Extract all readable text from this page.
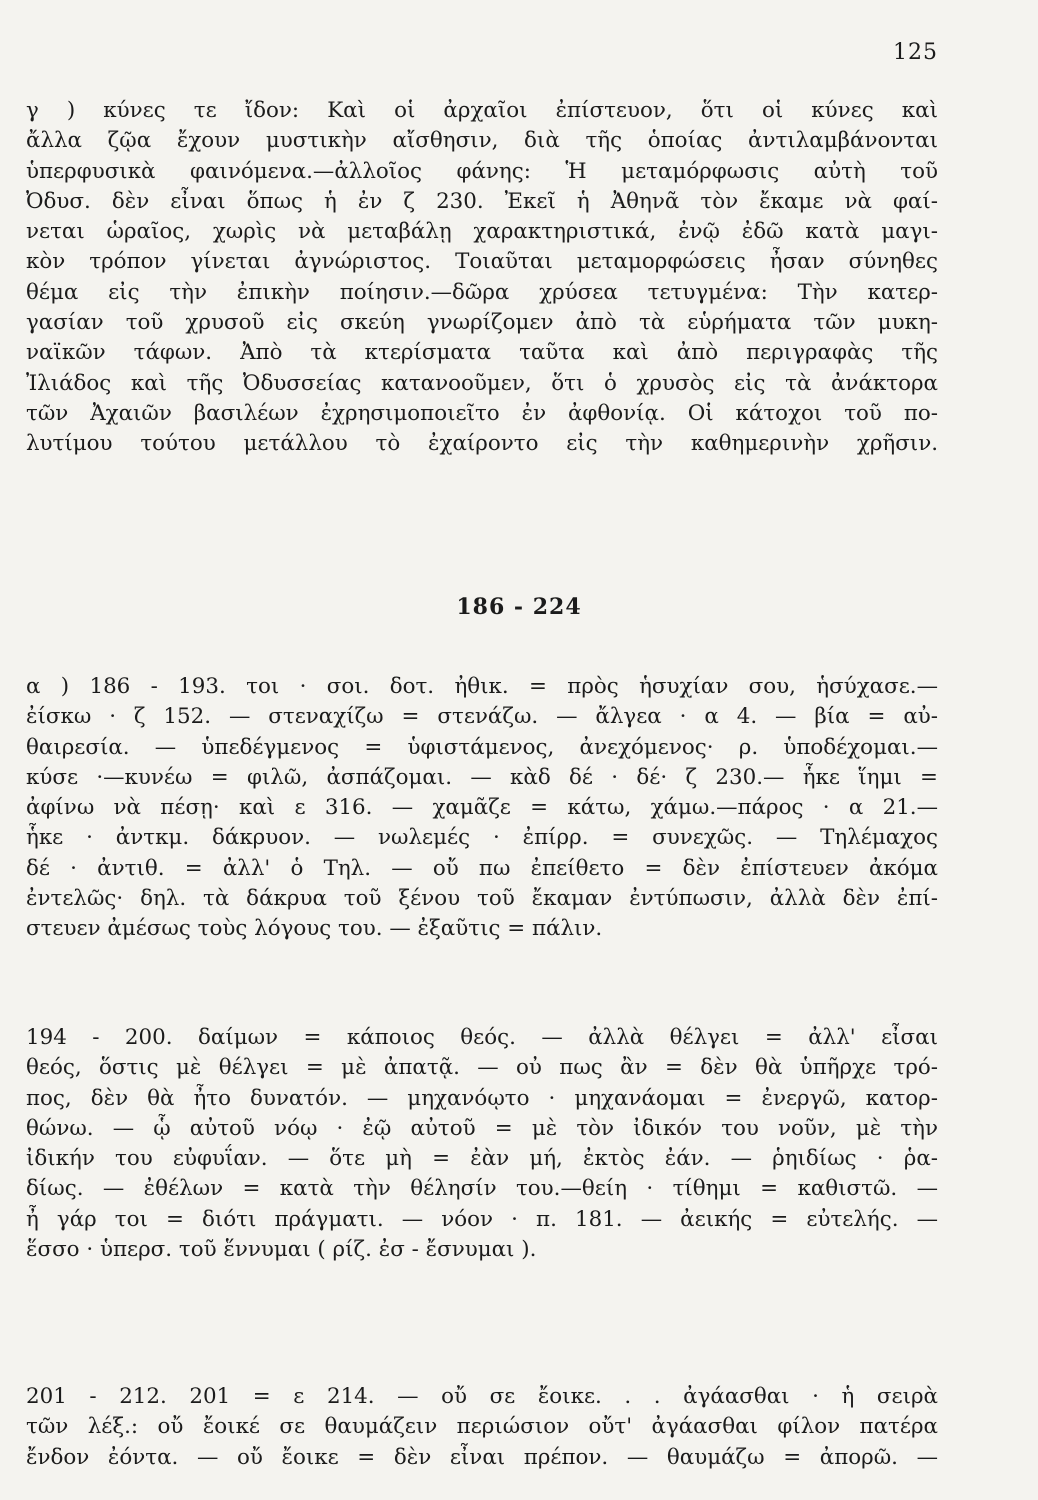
125

γ ) κύνες τε ἴδον: Καὶ οἱ ἀρχαῖοι ἐπίστευον, ὅτι οἱ κύνες καὶ
ἄλλα ζῷα ἔχουν μυστικὴν αἴσθησιν, διὰ τῆς ὁποίας ἀντιλαμβάνονται
ὑπερφυσικὰ φαινόμενα.—ἀλλοῖος φάνης: Ἡ μεταμόρφωσις αὐτὴ τοῦ
Ὀδυσ. δὲν εἶναι ὅπως ἡ ἐν ζ 230. Ἐκεῖ ἡ Ἀθηνᾶ τὸν ἔκαμε νὰ φαί-
νεται ὡραῖος, χωρὶς νὰ μεταβάλῃ χαρακτηριστικά, ἐνῷ ἐδῶ κατὰ μαγι-
κὸν τρόπον γίνεται ἀγνώριστος. Τοιαῦται μεταμορφώσεις ἦσαν σύνηθες
θέμα εἰς τὴν ἐπικὴν ποίησιν.—δῶρα χρύσεα τετυγμένα: Τὴν κατερ-
γασίαν τοῦ χρυσοῦ εἰς σκεύη γνωρίζομεν ἀπὸ τὰ εὑρήματα τῶν μυκη-
ναϊκῶν τάφων. Ἀπὸ τὰ κτερίσματα ταῦτα καὶ ἀπὸ περιγραφὰς τῆς
Ἰλιάδος καὶ τῆς Ὀδυσσείας κατανοοῦμεν, ὅτι ὁ χρυσὸς εἰς τὰ ἀνάκτορα
τῶν Ἀχαιῶν βασιλέων ἐχρησιμοποιεῖτο ἐν ἀφθονίᾳ. Οἱ κάτοχοι τοῦ πο-
λυτίμου τούτου μετάλλου τὸ ἐχαίροντο εἰς τὴν καθημερινὴν χρῆσιν.

186 - 224

α ) 186 - 193. τοι · σοι. δοτ. ἠθικ. = πρὸς ἡσυχίαν σου, ἡσύχασε.—
ἐίσκω · ζ 152. — στεναχίζω = στενάζω. — ἄλγεα · α 4. — βία = αὐ-
θαιρεσία. — ὑπεδέγμενος = ὑφιστάμενος, ἀνεχόμενος· ρ. ὑποδέχομαι.—
κύσε ·—κυνέω = φιλῶ, ἀσπάζομαι. — κὰδ δέ · δέ· ζ 230.— ἧκε ἵημι =
ἀφίνω νὰ πέσῃ· καὶ ε 316. — χαμᾶζε = κάτω, χάμω.—πάρος · α 21.—
ἧκε · ἀντκμ. δάκρυον. — νωλεμές · ἐπίρρ. = συνεχῶς. — Τηλέμαχος
δέ · ἀντιθ. = ἀλλ' ὁ Τηλ. — οὔ πω ἐπείθετο = δὲν ἐπίστευεν ἀκόμα
ἐντελῶς· δηλ. τὰ δάκρυα τοῦ ξένου τοῦ ἔκαμαν ἐντύπωσιν, ἀλλὰ δὲν ἐπί-
στευεν ἀμέσως τοὺς λόγους του. — ἐξαῦτις = πάλιν.

194 - 200. δαίμων = κάποιος θεός. — ἀλλὰ θέλγει = ἀλλ' εἶσαι
θεός, ὅστις μὲ θέλγει = μὲ ἀπατᾷ. — οὐ πως ἂν = δὲν θὰ ὑπῆρχε τρό-
πος, δὲν θὰ ἦτο δυνατόν. — μηχανόῳτο · μηχανάομαι = ἐνεργῶ, κατορ-
θώνω. — ᾧ αὐτοῦ νόῳ · ἐῷ αὐτοῦ = μὲ τὸν ἰδικόν του νοῦν, μὲ τὴν
ἰδικήν του εὐφυΐαν. — ὅτε μὴ = ἐὰν μή, ἐκτὸς ἐάν. — ῥηιδίως · ῥα-
δίως. — ἐθέλων = κατὰ τὴν θέλησίν του.—θείη · τίθημι = καθιστῶ. —
ἦ γάρ τοι = διότι πράγματι. — νόον · π. 181. — ἀεικής = εὐτελής. —
ἕσσο · ὑπερσ. τοῦ ἕννυμαι ( ρίζ. ἐσ - ἔσνυμαι ).

201 - 212. 201 = ε 214. — οὔ σε ἔοικε. . . ἀγάασθαι · ἡ σειρὰ
τῶν λέξ.: οὔ ἔοικέ σε θαυμάζειν περιώσιον οὔτ' ἀγάασθαι φίλον πατέρα
ἔνδον ἐόντα. — οὔ ἔοικε = δὲν εἶναι πρέπον. — θαυμάζω = ἀπορῶ. —
